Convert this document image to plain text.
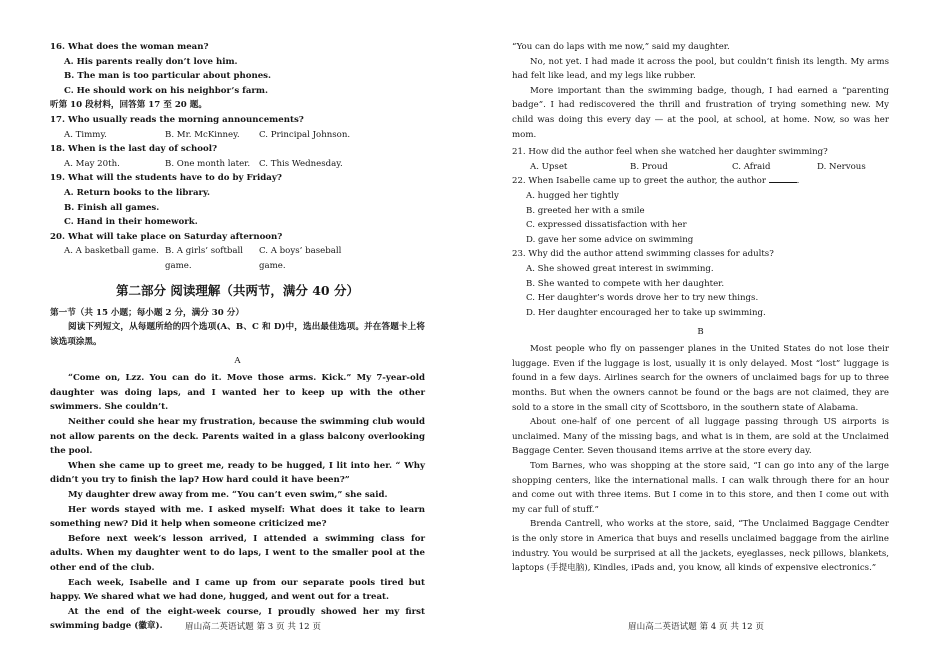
16. What does the woman mean?
A. His parents really don’t love him.
B. The man is too particular about phones.
C. He should work on his neighbor’s farm.
听第 10 段材料，回答第 17 至 20 题。
17. Who usually reads the morning announcements?
A. Timmy.	B. Mr. McKinney.	C. Principal Johnson.
18. When is the last day of school?
A. May 20th.	B. One month later.	C. This Wednesday.
19. What will the students have to do by Friday?
A. Return books to the library.
B. Finish all games.
C. Hand in their homework.
20. What will take place on Saturday afternoon?
A. A basketball game. B. A girls’ softball game.
C. A boys’ baseball game.
第二部分 阅读理解（共两节，满分 40 分）
第一节（共 15 小题；每小题 2 分，满分 30 分）
阅读下列短文，从每题所给的四个选项(A、B、C 和 D)中，选出最佳选项。并在答题卡上将该选项涂黑。
A
“Come on, Lzz. You can do it. Move those arms. Kick.” My 7-year-old daughter was doing laps, and I wanted her to keep up with the other swimmers. She couldn’t.
Neither could she hear my frustration, because the swimming club would not allow parents on the deck. Parents waited in a glass balcony overlooking the pool.
When she came up to greet me, ready to be hugged, I lit into her. “ Why didn’t you try to finish the lap? How hard could it have been?”
My daughter drew away from me. “You can’t even swim,” she said.
Her words stayed with me. I asked myself: What does it take to learn something new? Did it help when someone criticized me?
Before next week’s lesson arrived, I attended a swimming class for adults. When my daughter went to do laps, I went to the smaller pool at the other end of the club.
Each week, Isabelle and I came up from our separate pools tired but happy. We shared what we had done, hugged, and went out for a treat.
At the end of the eight-week course, I proudly showed her my first swimming badge (徽章).	眉山高二英语试题 第 3 页 共 12 页
“You can do laps with me now,” said my daughter.
No, not yet. I had made it across the pool, but couldn’t finish its length. My arms had felt like lead, and my legs like rubber.
More important than the swimming badge, though, I had earned a “parenting badge”. I had rediscovered the thrill and frustration of trying something new. My child was doing this every day — at the pool, at school, at home. Now, so was her mom.
21. How did the author feel when she watched her daughter swimming?
A. Upset	B. Proud	C. Afraid	D. Nervous
22. When Isabelle came up to greet the author, the author	.
A. hugged her tightly
B. greeted her with a smile
C. expressed dissatisfaction with her
D. gave her some advice on swimming
23. Why did the author attend swimming classes for adults?
A. She showed great interest in swimming.
B. She wanted to compete with her daughter.
C. Her daughter’s words drove her to try new things.
D. Her daughter encouraged her to take up swimming.
B
Most people who fly on passenger planes in the United States do not lose their luggage. Even if the luggage is lost, usually it is only delayed. Most “lost” luggage is found in a few days. Airlines search for the owners of unclaimed bags for up to three months. But when the owners cannot be found or the bags are not claimed, they are sold to a store in the small city of Scottsboro, in the southern state of Alabama.
About one-half of one percent of all luggage passing through US airports is unclaimed. Many of the missing bags, and what is in them, are sold at the Unclaimed Baggage Center. Seven thousand items arrive at the store every day.
Tom Barnes, who was shopping at the store said, “I can go into any of the large shopping centers, like the international malls. I can walk through there for an hour and come out with three items. But I come in to this store, and then I come out with my car full of stuff.”
Brenda Cantrell, who works at the store, said, “The Unclaimed Baggage Cendter is the only store in America that buys and resells unclaimed baggage from the airline industry. You would be surprised at all the jackets, eyeglasses, neck pillows, blankets, laptops (手提电脑), Kindles, iPads and, you know, all kinds of expensive electronics.”
眉山高二英语试题 第 4 页 共 12 页
